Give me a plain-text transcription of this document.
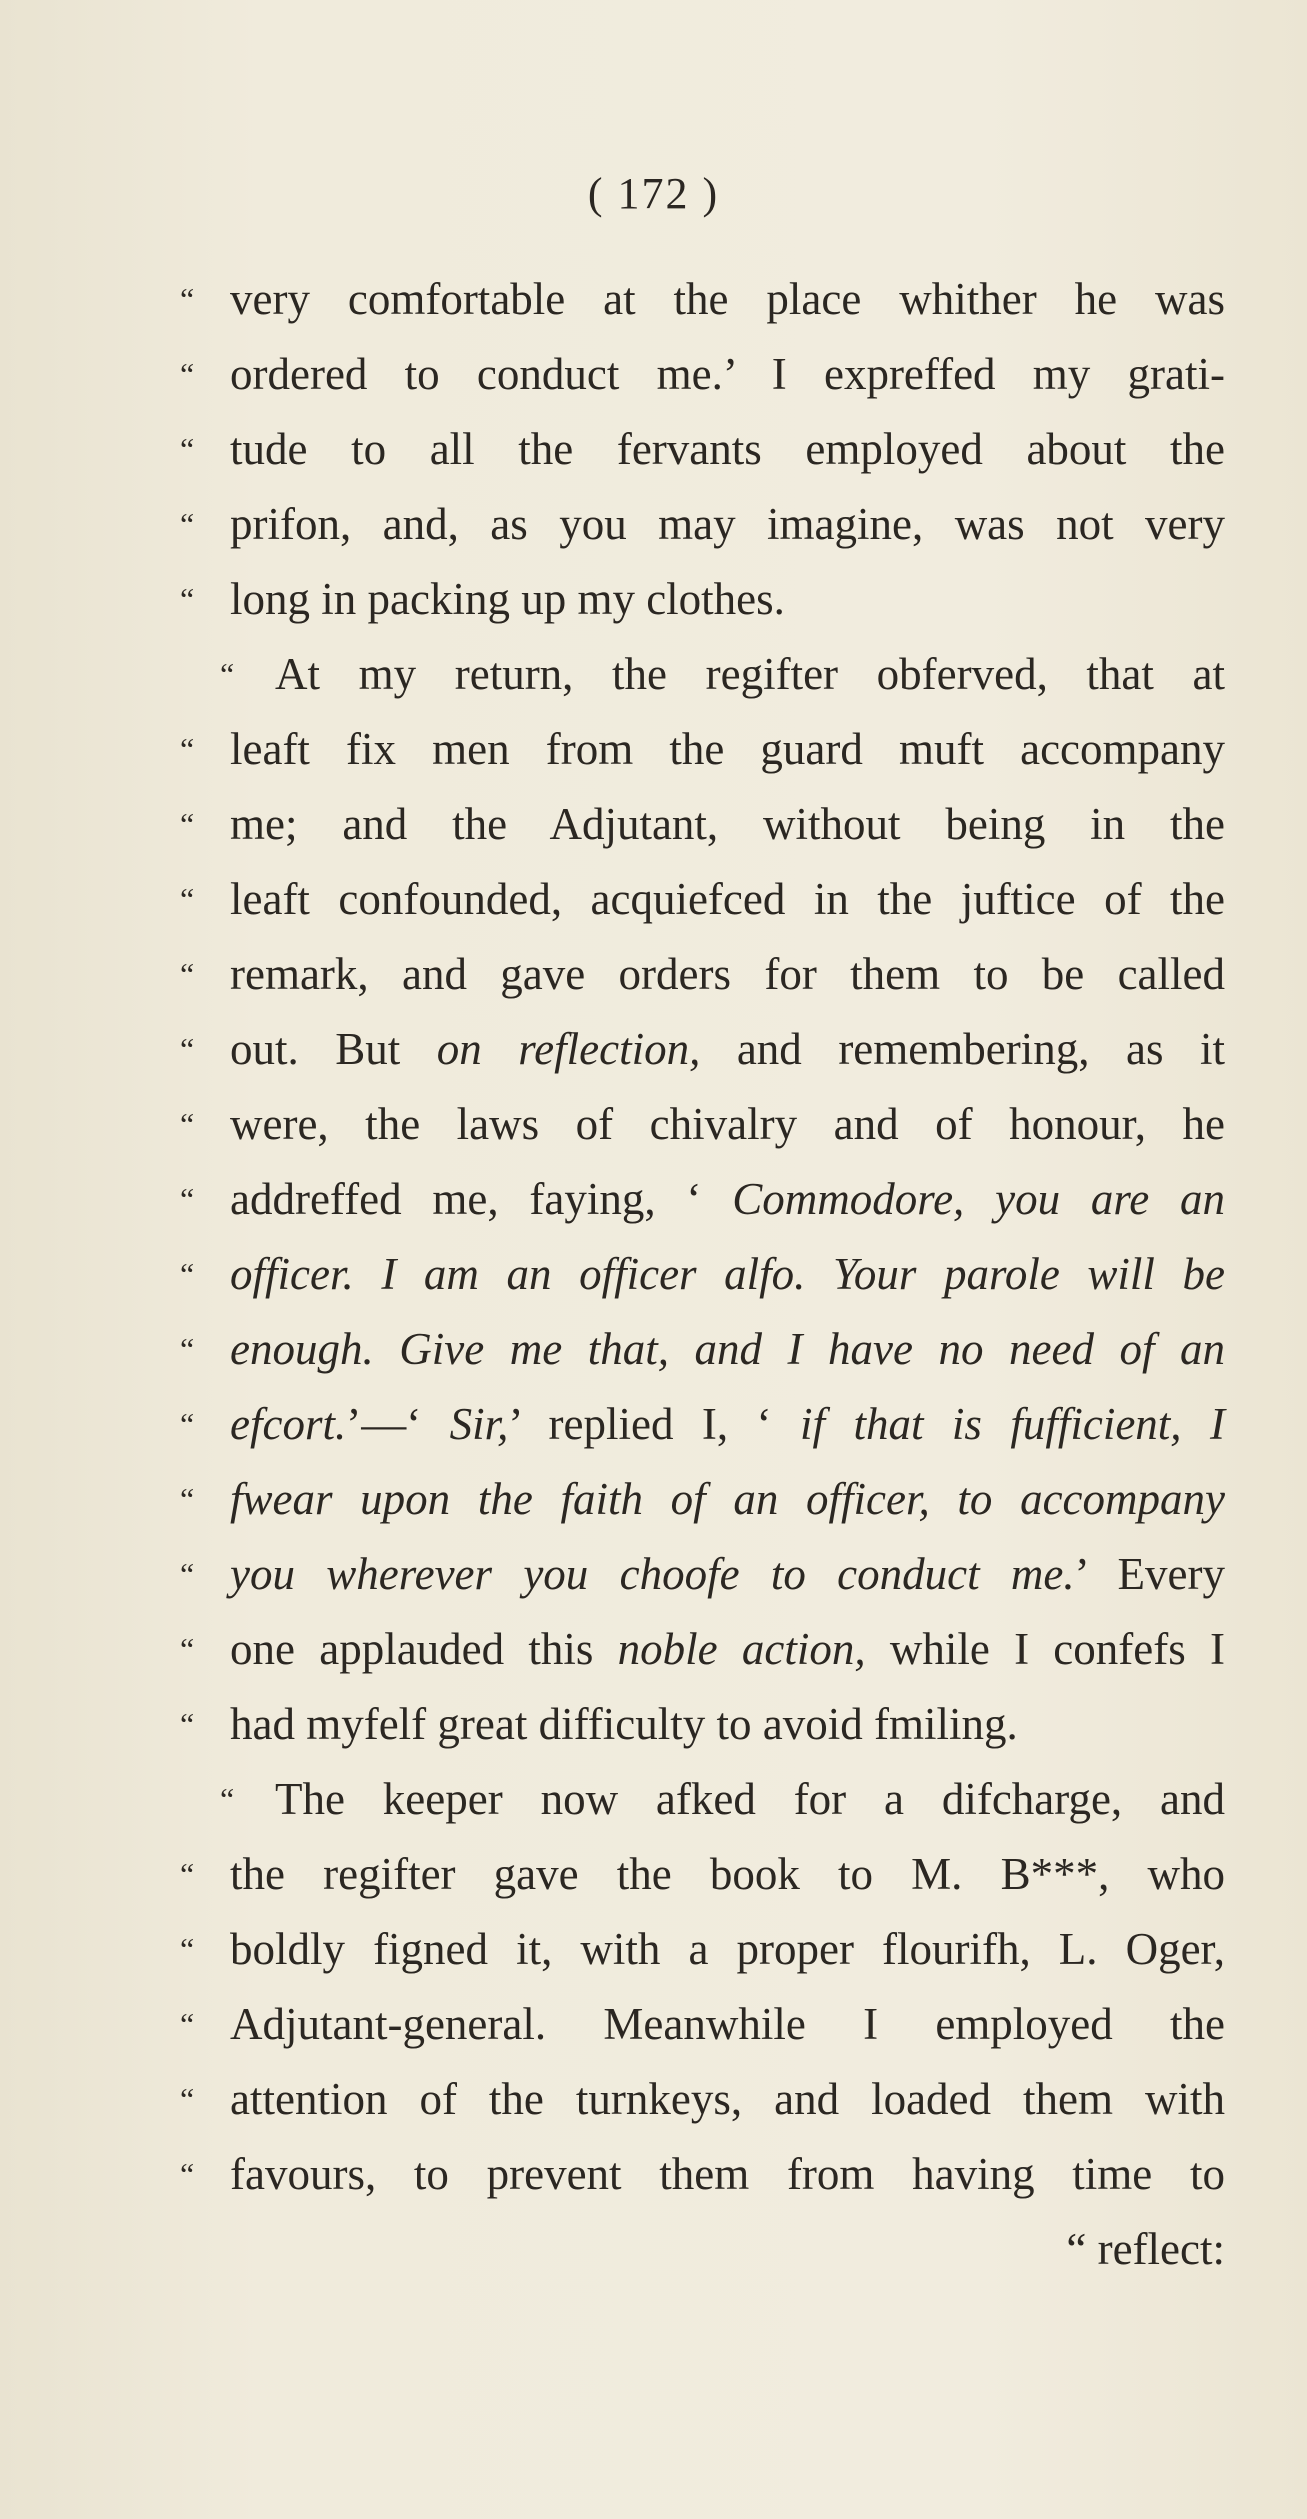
( 172 )
“ very comfortable at the place whither he was
“ ordered to conduct me.’ I expreffed my grati-
“ tude to all the fervants employed about the
“ prifon, and, as you may imagine, was not very
“ long in packing up my clothes.
“ At my return, the regifter obferved, that at
“ leaft fix men from the guard muft accompany
“ me; and the Adjutant, without being in the
“ leaft confounded, acquiefced in the juftice of the
“ remark, and gave orders for them to be called
“ out. But on reflection, and remembering, as it
“ were, the laws of chivalry and of honour, he
“ addreffed me, faying, ‘ Commodore, you are an
“ officer. I am an officer alfo. Your parole will be
“ enough. Give me that, and I have no need of an
“ efcort.’—‘ Sir,’ replied I, ‘ if that is fufficient, I
“ fwear upon the faith of an officer, to accompany
“ you wherever you choofe to conduct me.’ Every
“ one applauded this noble action, while I confefs I
“ had myfelf great difficulty to avoid fmiling.
“ The keeper now afked for a difcharge, and
“ the regifter gave the book to M. B***, who
“ boldly figned it, with a proper flourifh, L. Oger,
“ Adjutant-general. Meanwhile I employed the
“ attention of the turnkeys, and loaded them with
“ favours, to prevent them from having time to
“ reflect:
